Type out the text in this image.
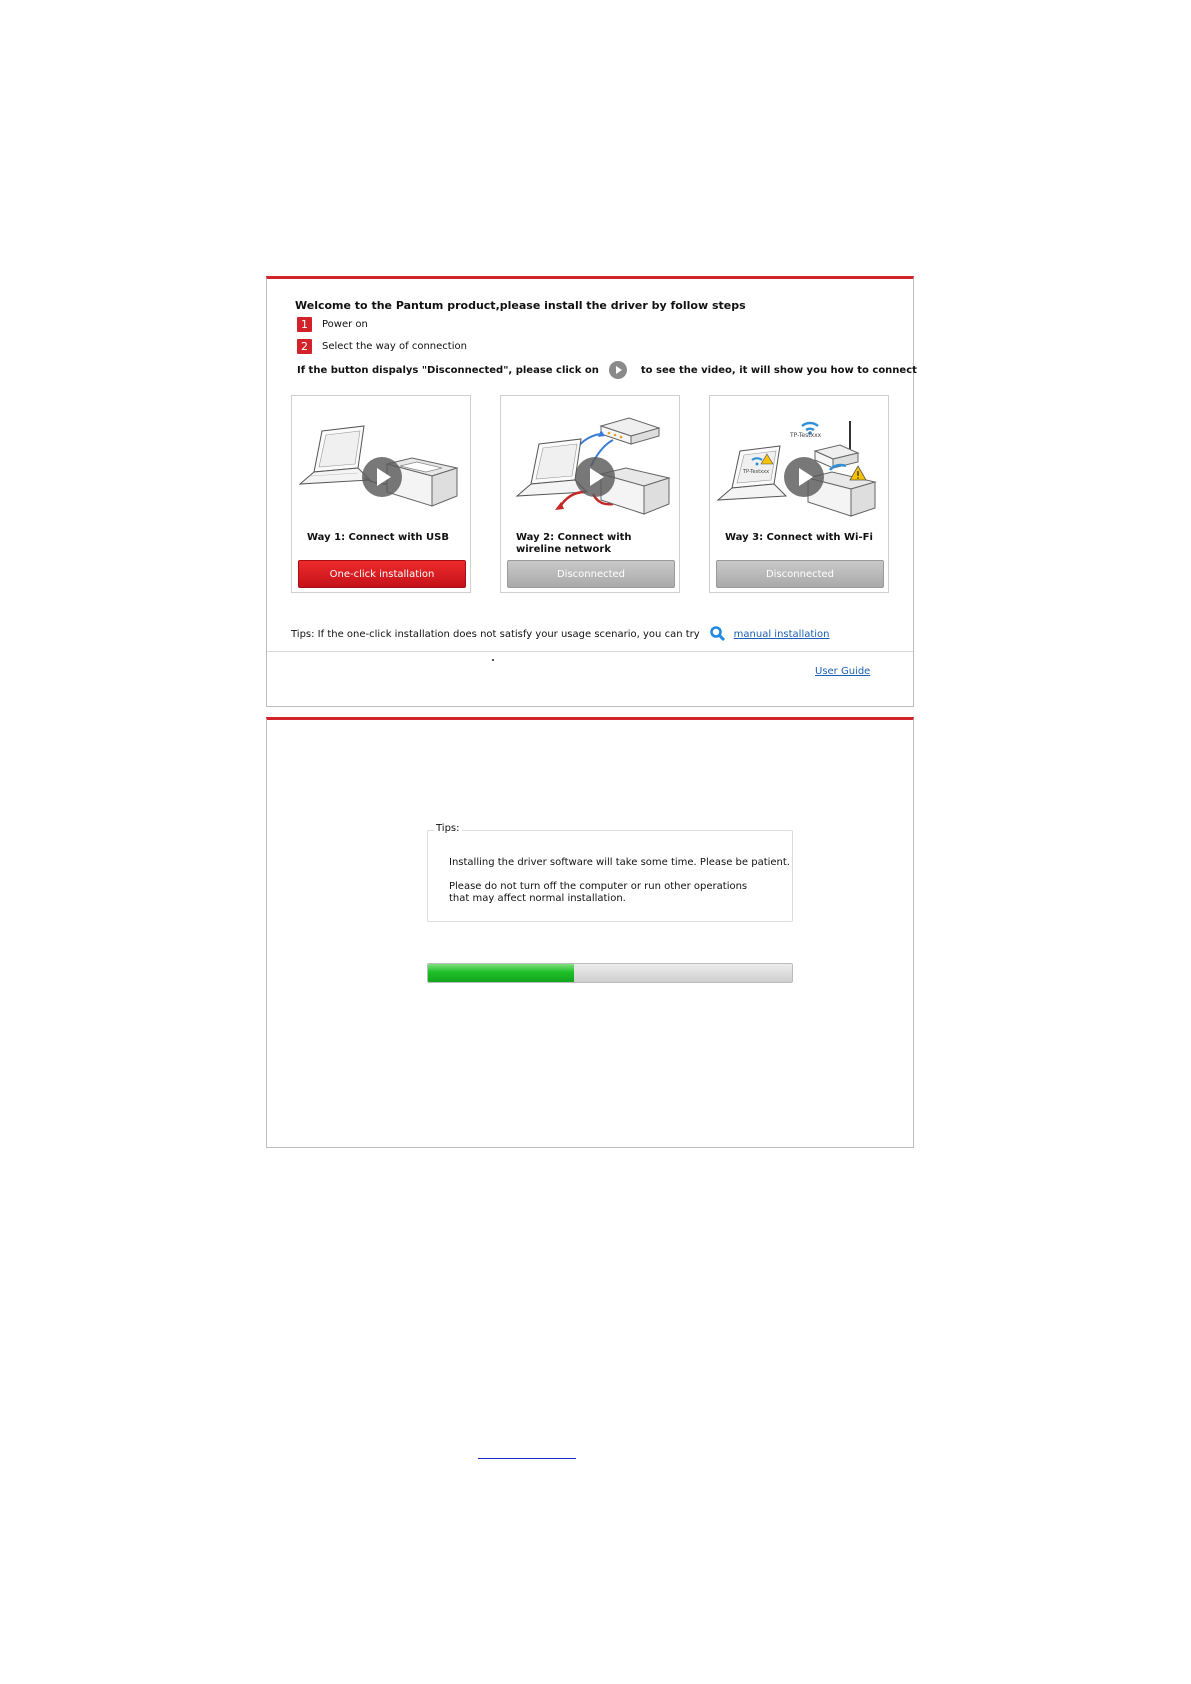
Welcome to the Pantum product,please install the driver by follow steps
1	Power on
2	Select the way of connection
If the button dispalys "Disconnected", please click on	to see the video, it will show you how to connect
Way 1: Connect with USB
One-click installation
Way 2: Connect with wireline network
Disconnected
TP-Testxxx
TP-Testxxx
Way 3: Connect with Wi-Fi
Disconnected
Tips: If the one-click installation does not satisfy your usage scenario, you can try	manual installation
User Guide
Tips:
Installing the driver software will take some time. Please be patient.
Please do not turn off the computer or run other operations that may affect normal installation.
